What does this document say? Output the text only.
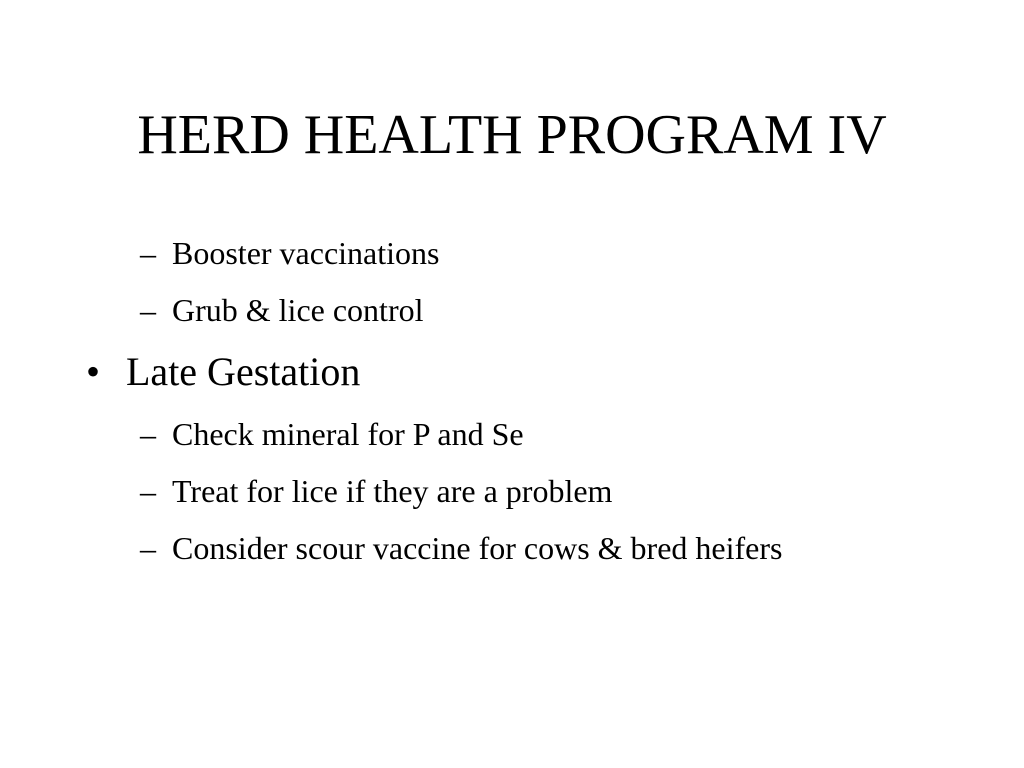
HERD HEALTH PROGRAM IV
– Booster vaccinations
– Grub & lice control
• Late Gestation
– Check mineral for P and Se
– Treat for lice if they are a problem
– Consider scour vaccine for cows & bred heifers
